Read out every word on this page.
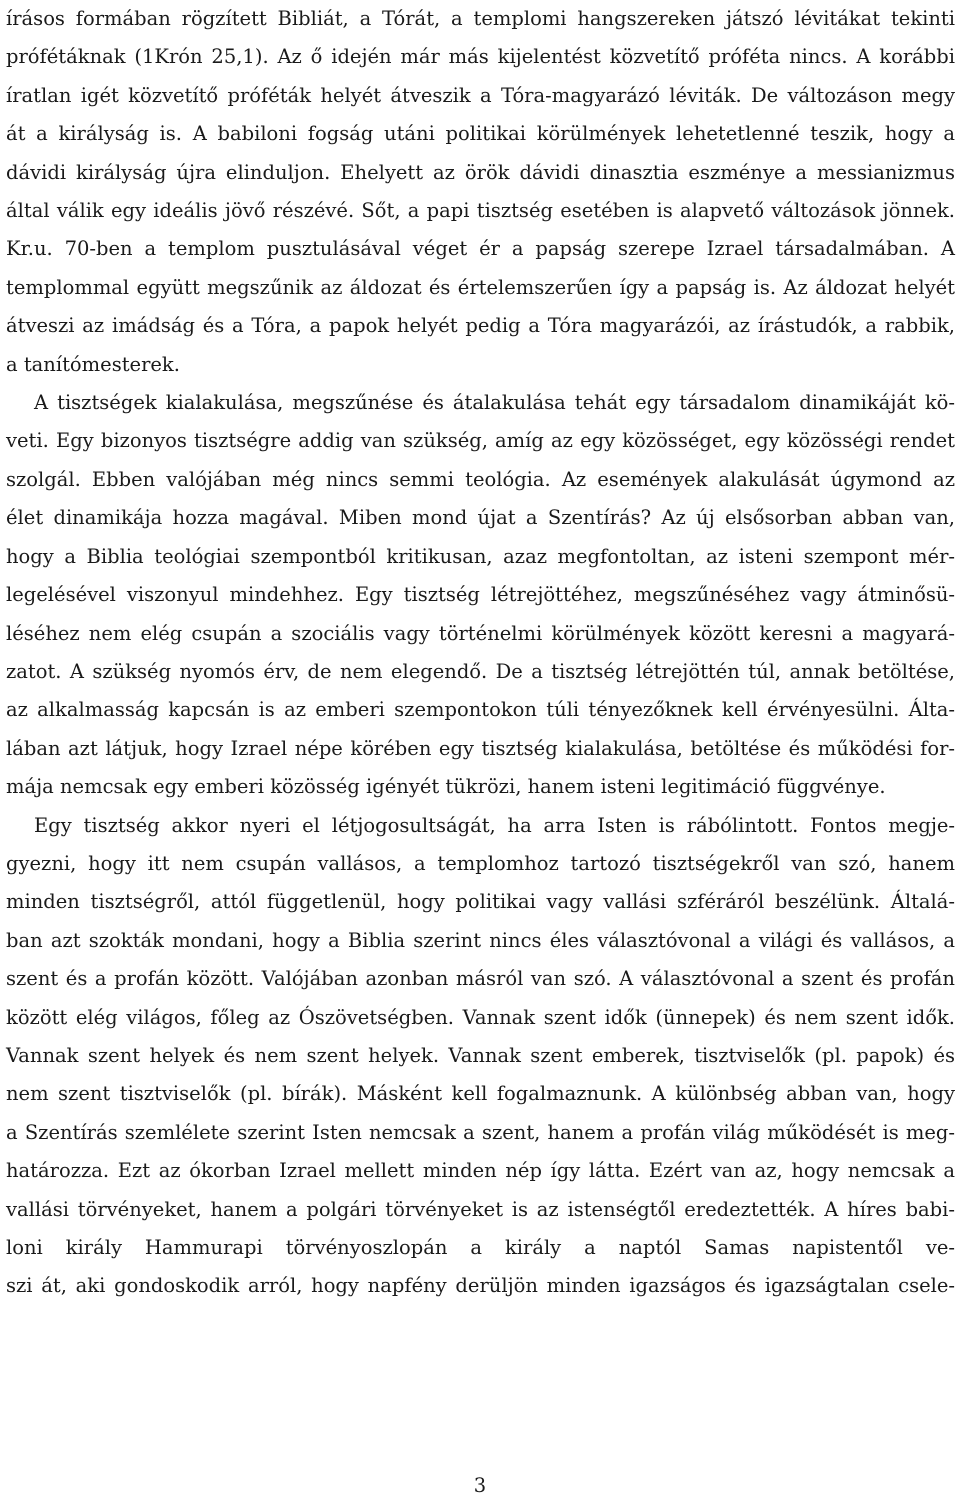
írásos formában rögzített Bibliát, a Tórát, a templomi hangszereken játszó lévitákat tekinti
prófétáknak (1Krón 25,1). Az ő idején már más kijelentést közvetítő próféta nincs. A korábbi
íratlan igét közvetítő próféták helyét átveszik a Tóra-magyarázó léviták. De változáson megy
át a királyság is. A babiloni fogság utáni politikai körülmények lehetetlenné teszik, hogy a
dávidi királyság újra elinduljon. Ehelyett az örök dávidi dinasztia eszménye a messianizmus
által válik egy ideális jövő részévé. Sőt, a papi tisztség esetében is alapvető változások jönnek.
Kr.u. 70-ben a templom pusztulásával véget ér a papság szerepe Izrael társadalmában. A
templommal együtt megszűnik az áldozat és értelemszerűen így a papság is. Az áldozat helyét
átveszi az imádság és a Tóra, a papok helyét pedig a Tóra magyarázói, az írástudók, a rabbik,
a tanítómesterek.
A tisztségek kialakulása, megszűnése és átalakulása tehát egy társadalom dinamikáját kö-
veti. Egy bizonyos tisztségre addig van szükség, amíg az egy közösséget, egy közösségi rendet
szolgál. Ebben valójában még nincs semmi teológia. Az események alakulását úgymond az
élet dinamikája hozza magával. Miben mond újat a Szentírás? Az új elsősorban abban van,
hogy a Biblia teológiai szempontból kritikusan, azaz megfontoltan, az isteni szempont mér-
legelésével viszonyul mindehhez. Egy tisztség létrejöttéhez, megszűnéséhez vagy átminősü-
léséhez nem elég csupán a szociális vagy történelmi körülmények között keresni a magyará-
zatot. A szükség nyomós érv, de nem elegendő. De a tisztség létrejöttén túl, annak betöltése,
az alkalmasság kapcsán is az emberi szempontokon túli tényezőknek kell érvényesülni. Álta-
lában azt látjuk, hogy Izrael népe körében egy tisztség kialakulása, betöltése és működési for-
mája nemcsak egy emberi közösség igényét tükrözi, hanem isteni legitimáció függvénye.
Egy tisztség akkor nyeri el létjogosultságát, ha arra Isten is rábólintott. Fontos megje-
gyezni, hogy itt nem csupán vallásos, a templomhoz tartozó tisztségekről van szó, hanem
minden tisztségről, attól függetlenül, hogy politikai vagy vallási szféráról beszélünk. Általá-
ban azt szokták mondani, hogy a Biblia szerint nincs éles választóvonal a világi és vallásos, a
szent és a profán között. Valójában azonban másról van szó. A választóvonal a szent és profán
között elég világos, főleg az Ószövetségben. Vannak szent idők (ünnepek) és nem szent idők.
Vannak szent helyek és nem szent helyek. Vannak szent emberek, tisztviselők (pl. papok) és
nem szent tisztviselők (pl. bírák). Másként kell fogalmaznunk. A különbség abban van, hogy
a Szentírás szemlélete szerint Isten nemcsak a szent, hanem a profán világ működését is meg-
határozza. Ezt az ókorban Izrael mellett minden nép így látta. Ezért van az, hogy nemcsak a
vallási törvényeket, hanem a polgári törvényeket is az istenségtől eredeztették. A híres babi-
loni király Hammurapi törvényoszlopán a király a naptól Samas napistentől ve-
szi át, aki gondoskodik arról, hogy napfény derüljön minden igazságos és igazságtalan csele-
3
